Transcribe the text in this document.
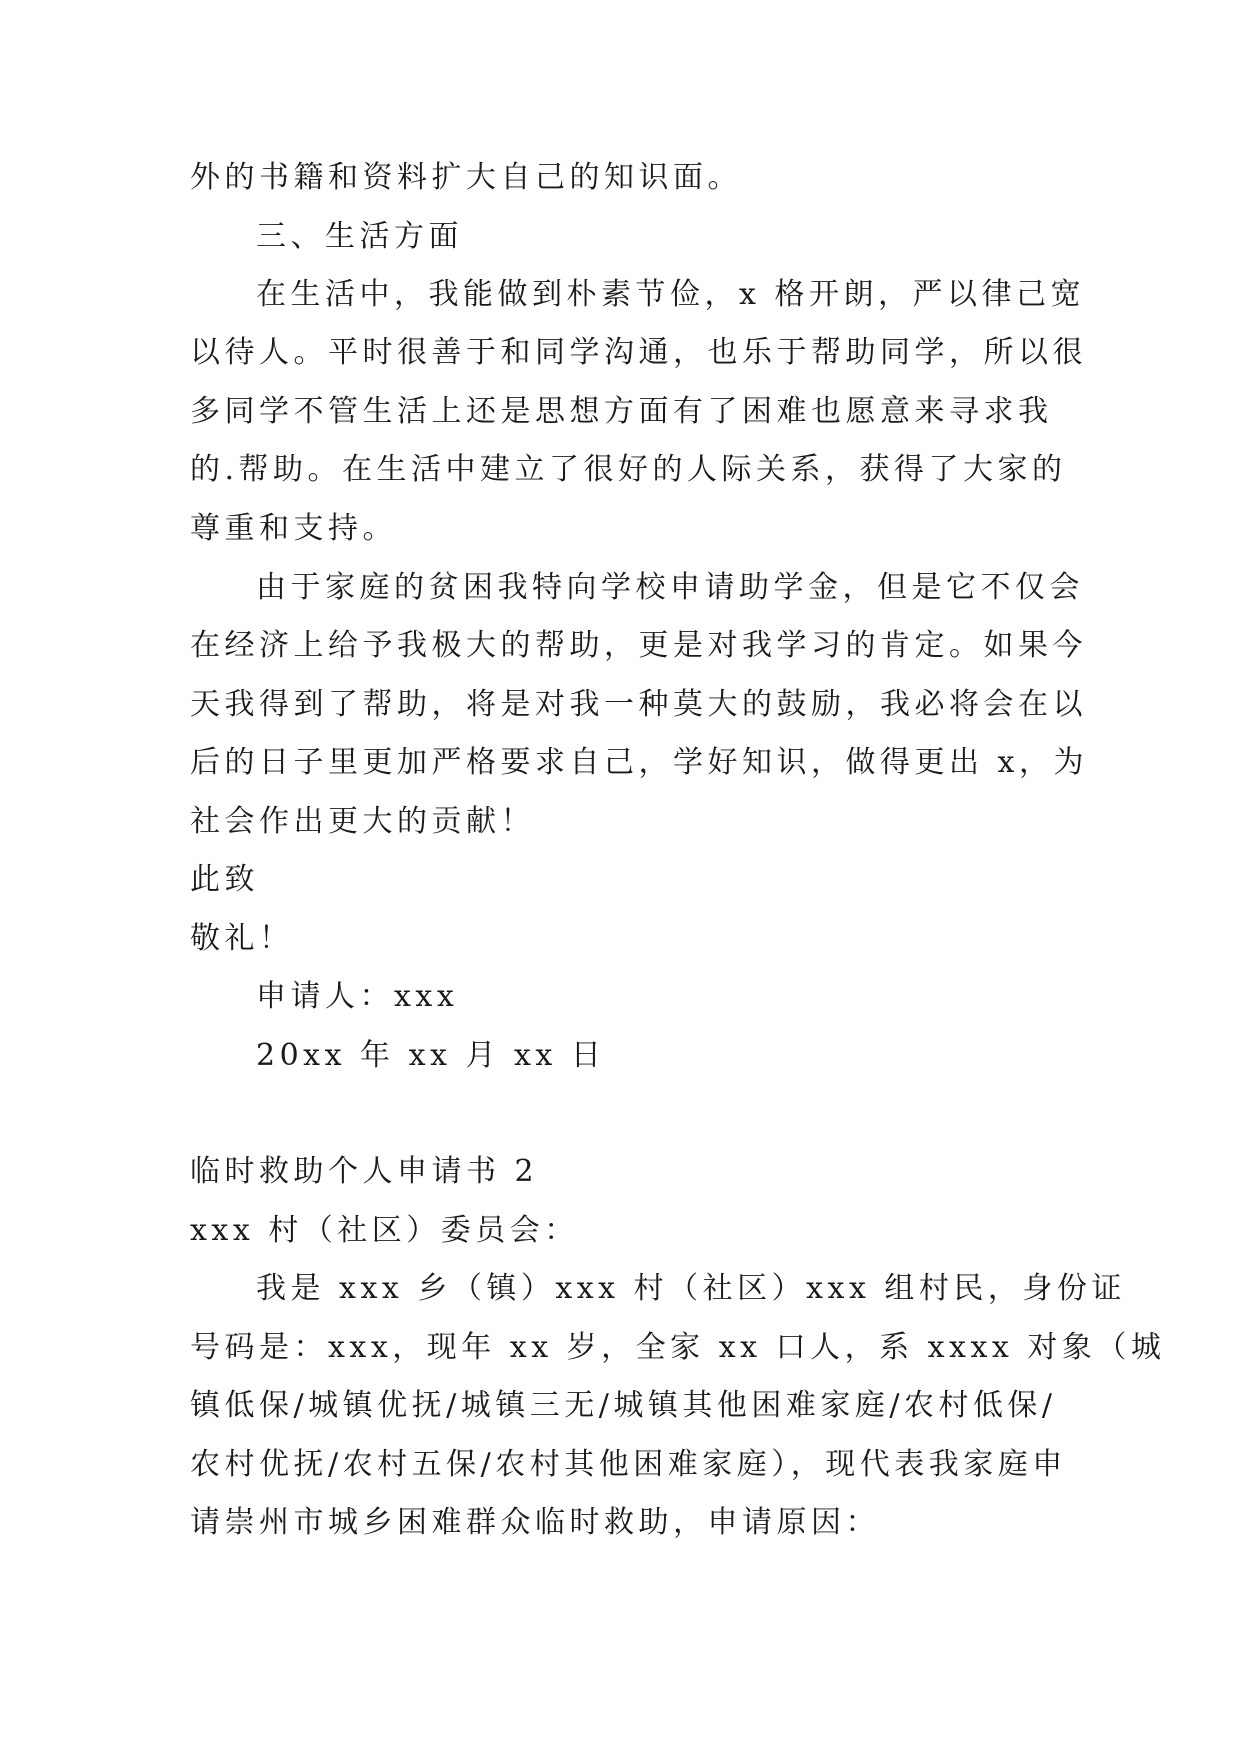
外的书籍和资料扩大自己的知识面。
三、生活方面
在生活中，我能做到朴素节俭，x 格开朗，严以律己宽
以待人。平时很善于和同学沟通，也乐于帮助同学，所以很
多同学不管生活上还是思想方面有了困难也愿意来寻求我
的.帮助。在生活中建立了很好的人际关系，获得了大家的
尊重和支持。
由于家庭的贫困我特向学校申请助学金，但是它不仅会
在经济上给予我极大的帮助，更是对我学习的肯定。如果今
天我得到了帮助，将是对我一种莫大的鼓励，我必将会在以
后的日子里更加严格要求自己，学好知识，做得更出 x，为
社会作出更大的贡献！
此致
敬礼！
申请人：xxx
20xx 年 xx 月 xx 日
临时救助个人申请书 2
xxx 村（社区）委员会：
我是 xxx 乡（镇）xxx 村（社区）xxx 组村民，身份证
号码是：xxx，现年 xx 岁，全家 xx 口人，系 xxxx 对象（城
镇低保/城镇优抚/城镇三无/城镇其他困难家庭/农村低保/
农村优抚/农村五保/农村其他困难家庭），现代表我家庭申
请崇州市城乡困难群众临时救助，申请原因：
